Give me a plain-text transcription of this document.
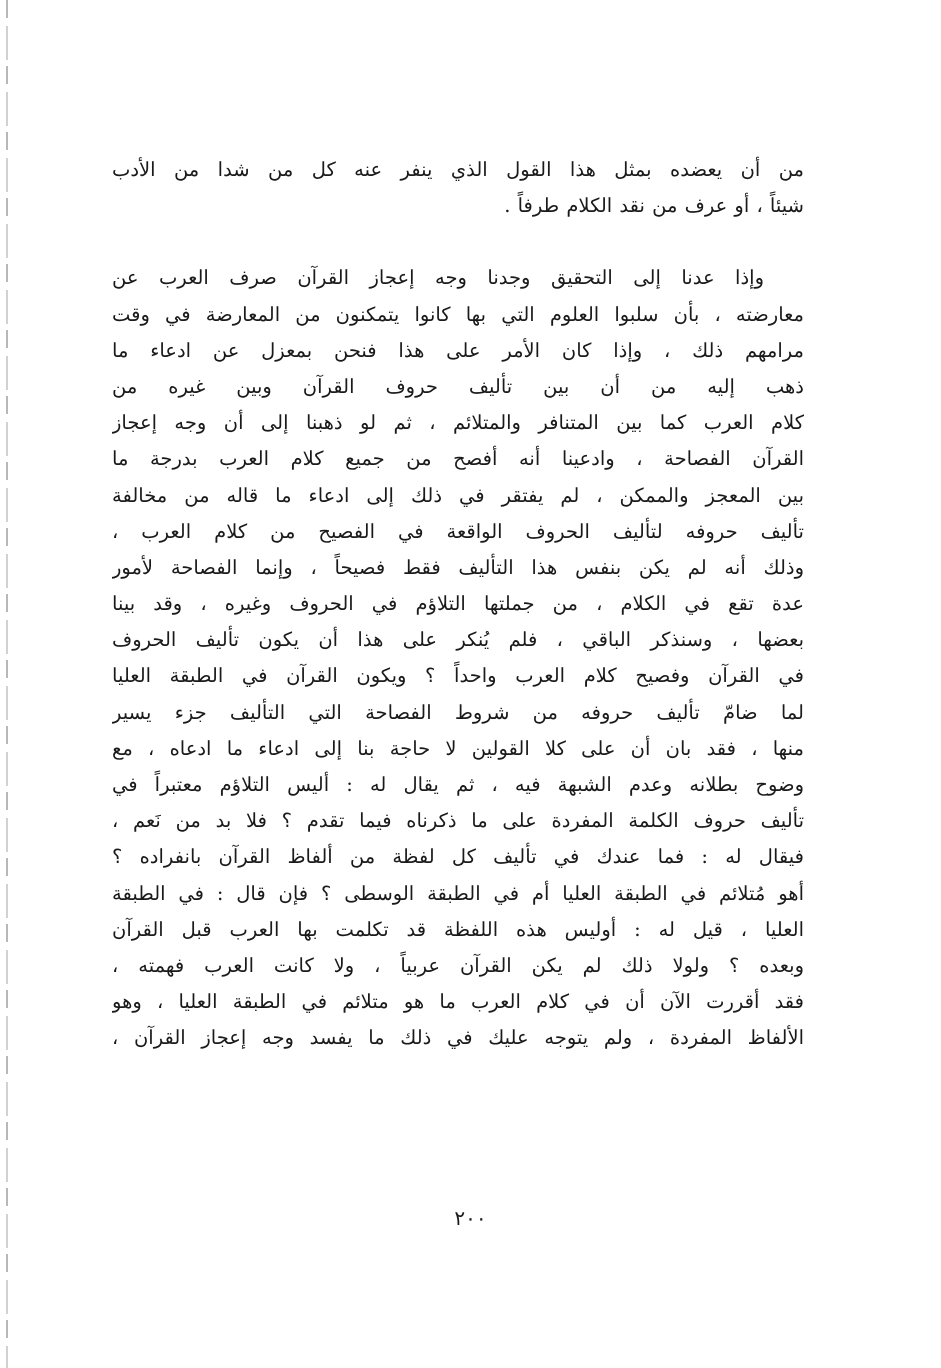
من أن يعضده بمثل هذا القول الذي ينفر عنه كل من شدا من الأدب
شيئاً ، أو عرف من نقد الكلام طرفاً .
وإذا عدنا إلى التحقيق وجدنا وجه إعجاز القرآن صرف العرب عن
معارضته ، بأن سلبوا العلوم التي بها كانوا يتمكنون من المعارضة في وقت
مرامهم ذلك ، وإذا كان الأمر على هذا فنحن بمعزل عن ادعاء ما
ذهب إليه من أن بين تأليف حروف القرآن وبين غيره من
كلام العرب كما بين المتنافر والمتلائم ، ثم لو ذهبنا إلى أن وجه إعجاز
القرآن الفصاحة ، وادعينا أنه أفصح من جميع كلام العرب بدرجة ما
بين المعجز والممكن ، لم يفتقر في ذلك إلى ادعاء ما قاله من مخالفة
تأليف حروفه لتأليف الحروف الواقعة في الفصيح من كلام العرب ،
وذلك أنه لم يكن بنفس هذا التأليف فقط فصيحاً ، وإنما الفصاحة لأمور
عدة تقع في الكلام ، من جملتها التلاؤم في الحروف وغيره ، وقد بينا
بعضها ، وسنذكر الباقي ، فلم يُنكر على هذا أن يكون تأليف الحروف
في القرآن وفصيح كلام العرب واحداً ؟ ويكون القرآن في الطبقة العليا
لما ضامّ تأليف حروفه من شروط الفصاحة التي التأليف جزء يسير
منها ، فقد بان أن على كلا القولين لا حاجة بنا إلى ادعاء ما ادعاه ، مع
وضوح بطلانه وعدم الشبهة فيه ، ثم يقال له : أليس التلاؤم معتبراً في
تأليف حروف الكلمة المفردة على ما ذكرناه فيما تقدم ؟ فلا بد من نَعم ،
فيقال له : فما عندك في تأليف كل لفظة من ألفاظ القرآن بانفراده ؟
أهو مُتلائم في الطبقة العليا أم في الطبقة الوسطى ؟ فإن قال : في الطبقة
العليا ، قيل له : أوليس هذه اللفظة قد تكلمت بها العرب قبل القرآن
وبعده ؟ ولولا ذلك لم يكن القرآن عربياً ، ولا كانت العرب فهمته ،
فقد أقررت الآن أن في كلام العرب ما هو متلائم في الطبقة العليا ، وهو
الألفاظ المفردة ، ولم يتوجه عليك في ذلك ما يفسد وجه إعجاز القرآن ،
٢٠٠
